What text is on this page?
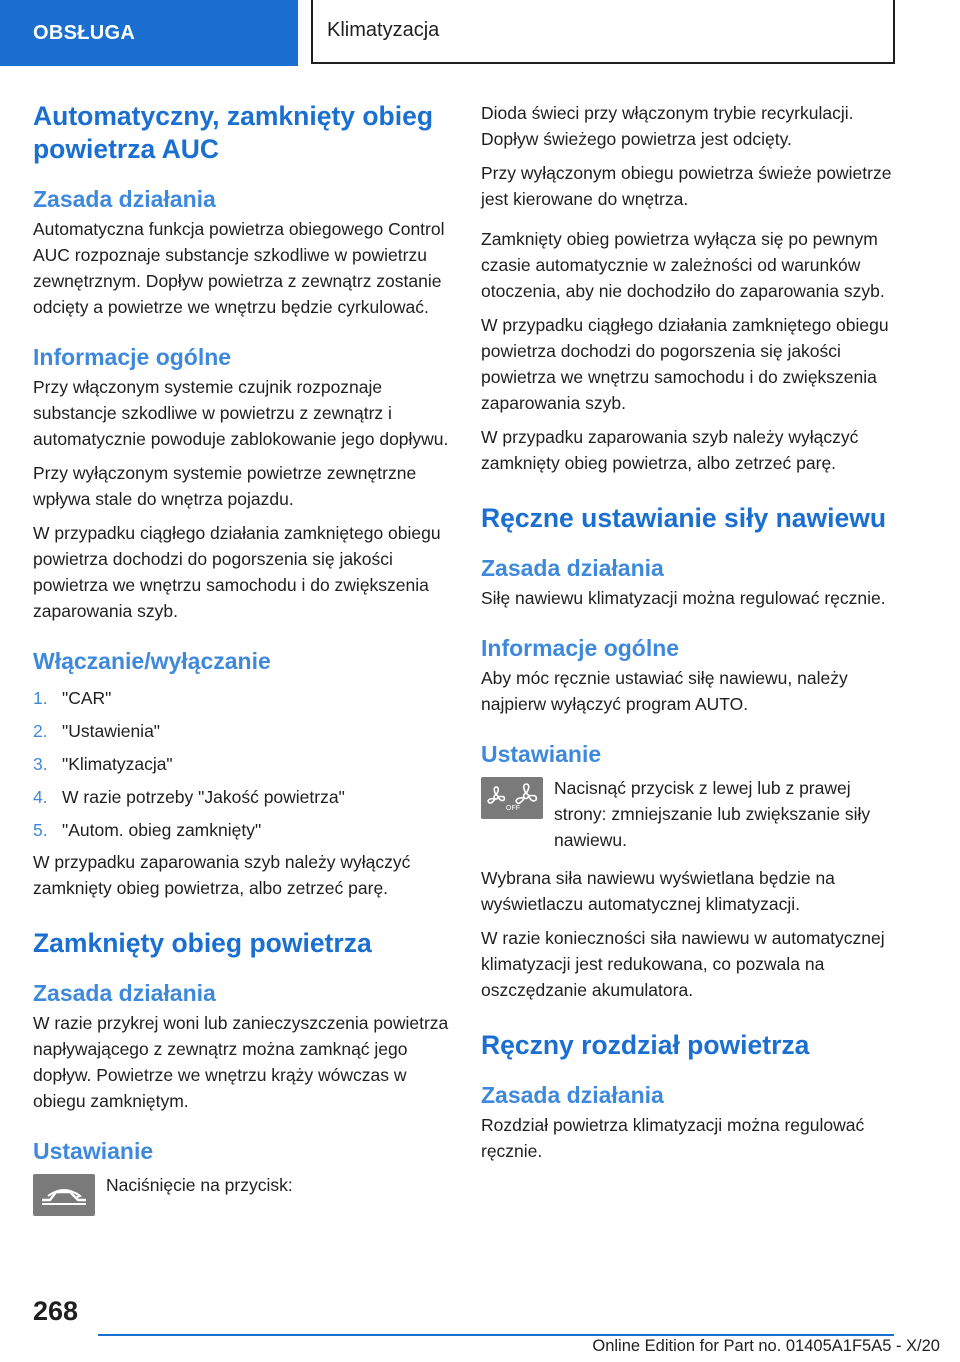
OBSŁUGA	Klimatyzacja
Automatyczny, zamknięty obieg powietrza AUC
Zasada działania

Automatyczna funkcja powietrza obiegowego Control AUC rozpoznaje substancje szkodliwe w powietrzu zewnętrznym. Dopływ powietrza z zewnątrz zostanie odcięty a powietrze we wnętrzu będzie cyrkulować.

Informacje ogólne

Przy włączonym systemie czujnik rozpoznaje substancje szkodliwe w powietrzu z zewnątrz i automatycznie powoduje zablokowanie jego dopływu.

Przy wyłączonym systemie powietrze zewnętrzne wpływa stale do wnętrza pojazdu.

W przypadku ciągłego działania zamkniętego obiegu powietrza dochodzi do pogorszenia się jakości powietrza we wnętrzu samochodu i do zwiększenia zaparowania szyb.

Włączanie/wyłączanie
1. "CAR"
2. "Ustawienia"
3. "Klimatyzacja"
4. W razie potrzeby "Jakość powietrza"
5. "Autom. obieg zamknięty"

W przypadku zaparowania szyb należy wyłączyć zamknięty obieg powietrza, albo zetrzeć parę.

Zamknięty obieg powietrza
Zasada działania

W razie przykrej woni lub zanieczyszczenia powietrza napływającego z zewnątrz można zamknąć jego dopływ. Powietrze we wnętrzu krąży wówczas w obiegu zamkniętym.

Ustawianie

Naciśnięcie na przycisk:

Dioda świeci przy włączonym trybie recyrkulacji. Dopływ świeżego powietrza jest odcięty.

Przy wyłączonym obiegu powietrza świeże powietrze jest kierowane do wnętrza.

Zamknięty obieg powietrza wyłącza się po pewnym czasie automatycznie w zależności od warunków otoczenia, aby nie dochodziło do zaparowania szyb.

W przypadku ciągłego działania zamkniętego obiegu powietrza dochodzi do pogorszenia się jakości powietrza we wnętrzu samochodu i do zwiększenia zaparowania szyb.

W przypadku zaparowania szyb należy wyłączyć zamknięty obieg powietrza, albo zetrzeć parę.

Ręczne ustawianie siły nawiewu
Zasada działania

Siłę nawiewu klimatyzacji można regulować ręcznie.

Informacje ogólne

Aby móc ręcznie ustawiać siłę nawiewu, należy najpierw wyłączyć program AUTO.

Ustawianie
OFF

Nacisnąć przycisk z lewej lub z prawej strony: zmniejszanie lub zwiększanie siły nawiewu.

Wybrana siła nawiewu wyświetlana będzie na wyświetlaczu automatycznej klimatyzacji.

W razie konieczności siła nawiewu w automatycznej klimatyzacji jest redukowana, co pozwala na oszczędzanie akumulatora.

Ręczny rozdział powietrza
Zasada działania

Rozdział powietrza klimatyzacji można regulować ręcznie.

268
Online Edition for Part no. 01405A1F5A5 - X/20
